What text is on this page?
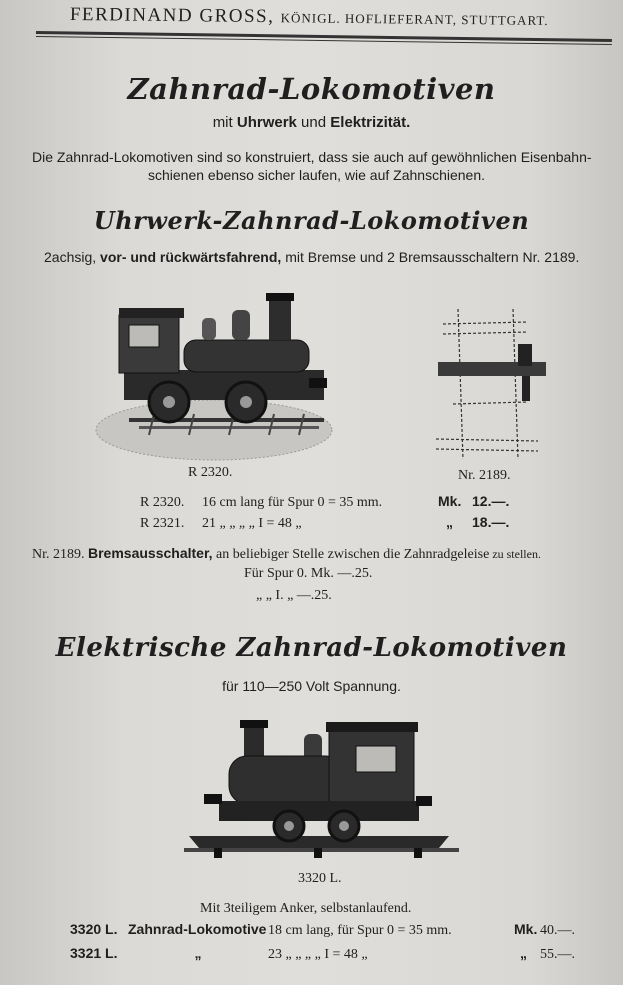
FERDINAND GROSS, KÖNIGL. HOFLIEFERANT, STUTTGART.
Zahnrad-Lokomotiven
mit Uhrwerk und Elektrizität.
Die Zahnrad-Lokomotiven sind so konstruiert, dass sie auch auf gewöhnlichen Eisenbahn-
schienen ebenso sicher laufen, wie auf Zahnschienen.
Uhrwerk-Zahnrad-Lokomotiven
2achsig, vor- und rückwärtsfahrend, mit Bremse und 2 Bremsausschaltern Nr. 2189.
R 2320.	Nr. 2189.
R 2320. 16 cm lang für Spur 0 = 35 mm.	Mk. 12.—.
R 2321. 21 „ „ „ „ I = 48 „	„ 18.—.
Nr. 2189. Bremsausschalter, an beliebiger Stelle zwischen die Zahnradgeleise zu stellen.
Für Spur 0. Mk. —.25.
„ „ I. „ —.25.
Elektrische Zahnrad-Lokomotiven
für 110—250 Volt Spannung.
3320 L.
Mit 3teiligem Anker, selbstanlaufend.
3320 L. Zahnrad-Lokomotive 18 cm lang, für Spur 0 = 35 mm.	Mk. 40.—.
3321 L.	„	23 „ „ „ „ I = 48 „	„ 55.—.
